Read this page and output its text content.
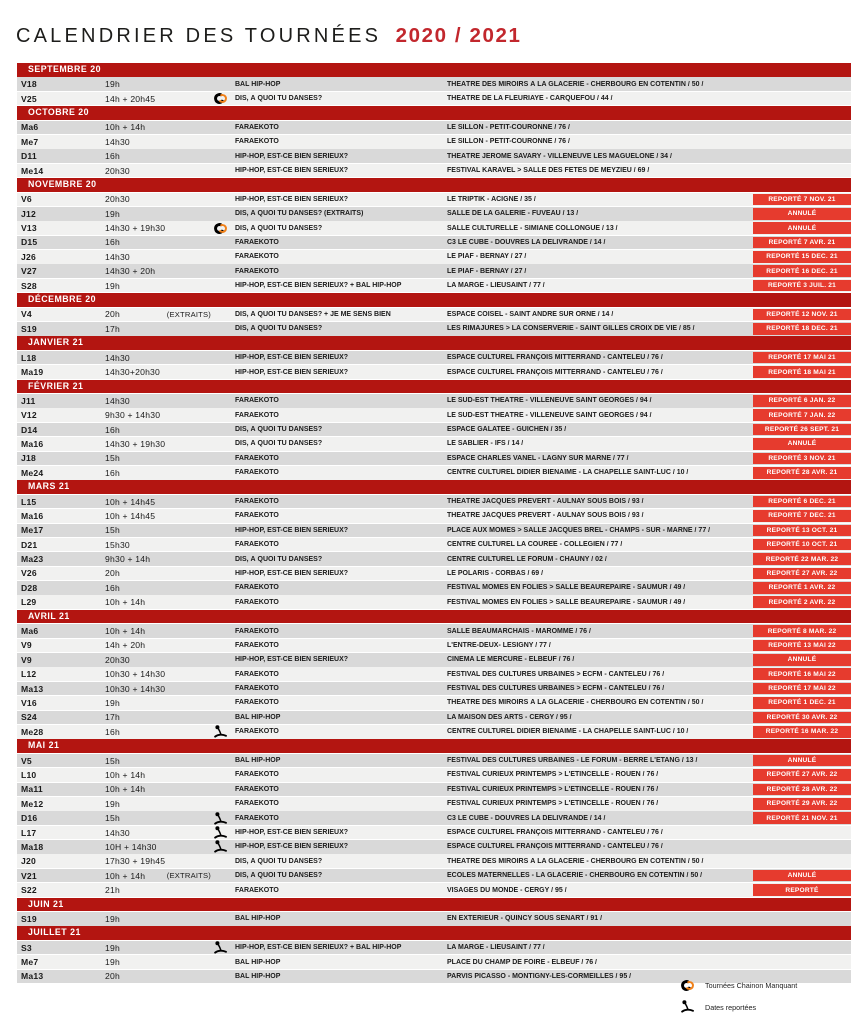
CALENDRIER DES TOURNÉES 2020 / 2021
SEPTEMBRE 20
V18	19h	BAL HIP-HOP	THÉÂTRE DES MIROIRS À LA GLACERIE - CHERBOURG EN COTENTIN / 50 /
V25	14h + 20h45	DIS, À QUOI TU DANSES?	THÉÂTRE DE LA FLEURIAYE - CARQUEFOU / 44 /
OCTOBRE 20
Ma6	10h + 14h	FARAËKOTO	LE SILLON - PETIT-COURONNE / 76 /
Me7	14h30	FARAËKOTO	LE SILLON - PETIT-COURONNE / 76 /
D11	16h	HIP-HOP, EST-CE BIEN SÉRIEUX?	THÉÂTRE JÉRÔME SAVARY - VILLENEUVE LÈS MAGUELONE / 34 /
Me14	20h30	HIP-HOP, EST-CE BIEN SÉRIEUX?	FESTIVAL KARAVEL > SALLE DES FÊTES DE MEYZIEU / 69 /
NOVEMBRE 20
V6	20h30	HIP-HOP, EST-CE BIEN SÉRIEUX?	LE TRIPTIK - ACIGNÉ / 35 /	REPORTÉ 7 NOV. 21
J12	19h	DIS, À QUOI TU DANSES? (EXTRAITS)	SALLE DE LA GALERIE - FUVEAU / 13 /	ANNULÉ
V13	14h30 + 19h30	DIS, À QUOI TU DANSES?	SALLE CULTURELLE - SIMIANE COLLONGUE / 13 /	ANNULÉ
D15	16h	FARAËKOTO	C3 LE CUBE - DOUVRES LA DÉLIVRANDE / 14 /	REPORTÉ 7 AVR. 21
J26	14h30	FARAËKOTO	LE PIAF - BERNAY / 27 /	REPORTÉ 15 DEC. 21
V27	14h30 + 20h	FARAËKOTO	LE PIAF - BERNAY / 27 /	REPORTÉ 16 DEC. 21
S28	19h	HIP-HOP, EST-CE BIEN SÉRIEUX? + BAL HIP-HOP	LA MARGE - LIEUSAINT / 77 /	REPORTÉ 3 JUIL. 21
DÉCEMBRE 20
V4	20h	(EXTRAITS)	DIS, À QUOI TU DANSES? + JE ME SENS BIEN	ESPACE COISEL - SAINT ANDRÉ SUR ORNE / 14 /	REPORTÉ 12 NOV. 21
S19	17h	DIS, À QUOI TU DANSES?	LES RIMAJURES > LA CONSERVERIE - SAINT GILLES CROIX DE VIE / 85 /	REPORTÉ 18 DEC. 21
JANVIER 21
L18	14h30	HIP-HOP, EST-CE BIEN SÉRIEUX?	ESPACE CULTUREL FRANÇOIS MITTERRAND - CANTELEU / 76 /	REPORTÉ 17 MAI 21
Ma19	14h30+20h30	HIP-HOP, EST-CE BIEN SÉRIEUX?	ESPACE CULTUREL FRANÇOIS MITTERRAND - CANTELEU / 76 /	REPORTÉ 18 MAI 21
FÉVRIER 21
J11	14h30	FARAËKOTO	LE SUD-EST THÉÂTRE - VILLENEUVE SAINT GEORGES / 94 /	REPORTÉ 6 JAN. 22
V12	9h30 + 14h30	FARAËKOTO	LE SUD-EST THÉÂTRE - VILLENEUVE SAINT GEORGES / 94 /	REPORTÉ 7 JAN. 22
D14	16h	DIS, À QUOI TU DANSES?	ESPACE GALATÉE - GUICHEN / 35 /	REPORTÉ 26 SEPT. 21
Ma16	14h30 + 19h30	DIS, À QUOI TU DANSES?	LE SABLIER - IFS / 14 /	ANNULÉ
J18	15h	FARAËKOTO	ESPACE CHARLES VANEL - LAGNY SUR MARNE / 77 /	REPORTÉ 3 NOV. 21
Me24	16h	FARAËKOTO	CENTRE CULTUREL DIDIER BIENAIMÉ - LA CHAPELLE SAINT-LUC / 10 /	REPORTÉ 28 AVR. 21
MARS 21
L15	10h + 14h45	FARAËKOTO	THÉÂTRE JACQUES PRÉVERT - AULNAY SOUS BOIS / 93 /	REPORTÉ 6 DEC. 21
Ma16	10h + 14h45	FARAËKOTO	THÉÂTRE JACQUES PRÉVERT - AULNAY SOUS BOIS / 93 /	REPORTÉ 7 DEC. 21
Me17	15h	HIP-HOP, EST-CE BIEN SÉRIEUX?	PLACE AUX MÔMES > SALLE JACQUES BREL - CHAMPS - SUR - MARNE / 77 /	REPORTÉ 13 OCT. 21
D21	15h30	FARAËKOTO	CENTRE CULTUREL LA COURÉE - COLLÉGIEN / 77 /	REPORTÉ 10 OCT. 21
Ma23	9h30 + 14h	DIS, À QUOI TU DANSES?	CENTRE CULTUREL LE FORUM - CHAUNY / 02 /	REPORTÉ 22 MAR. 22
V26	20h	HIP-HOP, EST-CE BIEN SÉRIEUX?	LE POLARIS - CORBAS / 69 /	REPORTÉ 27 AVR. 22
D28	16h	FARAËKOTO	FESTIVAL MÔMES EN FOLIES > SALLE BEAUREPAIRE - SAUMUR / 49 /	REPORTÉ 1 AVR. 22
L29	10h + 14h	FARAËKOTO	FESTIVAL MÔMES EN FOLIES > SALLE BEAUREPAIRE - SAUMUR / 49 /	REPORTÉ 2 AVR. 22
AVRIL 21
Ma6	10h + 14h	FARAËKOTO	SALLE BEAUMARCHAIS - MAROMME / 76 /	REPORTÉ 8 MAR. 22
V9	14h + 20h	FARAËKOTO	L'ENTRE-DEUX- LESIGNY / 77 /	REPORTÉ 13 MAI 22
V9	20h30	HIP-HOP, EST-CE BIEN SÉRIEUX?	CINÉMA LE MERCURE - ELBEUF / 76 /	ANNULÉ
L12	10h30 + 14h30	FARAËKOTO	FESTIVAL DES CULTURES URBAINES > ECFM - CANTELEU / 76 /	REPORTÉ 16 MAI 22
Ma13	10h30 + 14h30	FARAËKOTO	FESTIVAL DES CULTURES URBAINES > ECFM - CANTELEU / 76 /	REPORTÉ 17 MAI 22
V16	19h	FARAËKOTO	THÉÂTRE DES MIROIRS À LA GLACERIE - CHERBOURG EN COTENTIN / 50 /	REPORTÉ 1 DEC. 21
S24	17h	BAL HIP-HOP	LA MAISON DES ARTS - CERGY / 95 /	REPORTÉ 30 AVR. 22
Me28	16h	FARAËKOTO	CENTRE CULTUREL DIDIER BIENAIMÉ - LA CHAPELLE SAINT-LUC / 10 /	REPORTÉ 16 MAR. 22
MAI 21
V5	15h	BAL HIP-HOP	FESTIVAL DES CULTURES URBAINES - LE FORUM - BERRE L'ETANG / 13 /	ANNULÉ
L10	10h + 14h	FARAËKOTO	FESTIVAL CURIEUX PRINTEMPS > L'ETINCELLE - ROUEN / 76 /	REPORTÉ 27 AVR. 22
Ma11	10h + 14h	FARAËKOTO	FESTIVAL CURIEUX PRINTEMPS > L'ETINCELLE - ROUEN / 76 /	REPORTÉ 28 AVR. 22
Me12	19h	FARAËKOTO	FESTIVAL CURIEUX PRINTEMPS > L'ETINCELLE - ROUEN / 76 /	REPORTÉ 29 AVR. 22
D16	15h	FARAËKOTO	C3 LE CUBE - DOUVRES LA DÉLIVRANDE / 14 /	REPORTÉ 21 NOV. 21
L17	14h30	HIP-HOP, EST-CE BIEN SÉRIEUX?	ESPACE CULTUREL FRANÇOIS MITTERRAND - CANTELEU / 76 /
Ma18	10H + 14h30	HIP-HOP, EST-CE BIEN SÉRIEUX?	ESPACE CULTUREL FRANÇOIS MITTERRAND - CANTELEU / 76 /
J20	17h30 + 19h45	DIS, À QUOI TU DANSES?	THÉÂTRE DES MIROIRS À LA GLACERIE - CHERBOURG EN COTENTIN / 50 /
V21	10h + 14h	(EXTRAITS)	DIS, À QUOI TU DANSES?	ECOLES MATERNELLES - LA GLACERIE - CHERBOURG EN COTENTIN / 50 /	ANNULÉ
S22	21h	FARAËKOTO	VISAGES DU MONDE - CERGY / 95 /	REPORTÉ
JUIN 21
S19	19h	BAL HIP-HOP	EN EXTÉRIEUR - QUINCY SOUS SENART / 91 /
JUILLET 21
S3	19h	HIP-HOP, EST-CE BIEN SÉRIEUX? + BAL HIP-HOP	LA MARGE - LIEUSAINT / 77 /
Me7	19h	BAL HIP-HOP	PLACE DU CHAMP DE FOIRE - ELBEUF / 76 /
Ma13	20h	BAL HIP-HOP	PARVIS PICASSO - MONTIGNY-LES-CORMEILLES / 95 /
Tournées Chainon Manquant
Dates reportées
